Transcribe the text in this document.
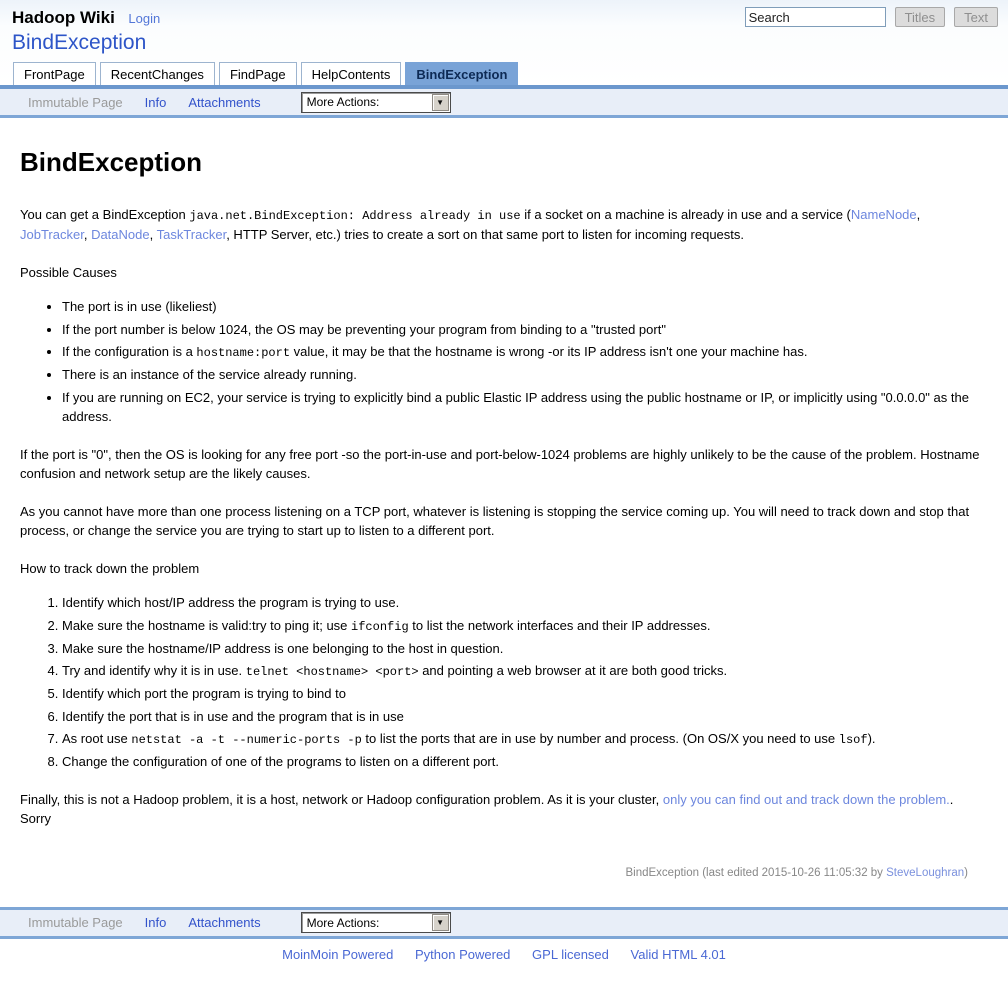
Hadoop Wiki Login
Search	Titles	Text
BindException
FrontPage	RecentChanges	FindPage	HelpContents	BindException
Immutable Page Info Attachments	More Actions:	▼
BindException

You can get a BindException java.net.BindException: Address already in use if a socket on a machine is already in use and a service (NameNode, JobTracker, DataNode, TaskTracker, HTTP Server, etc.) tries to create a sort on that same port to listen for incoming requests.

Possible Causes

• The port is in use (likeliest)
• If the port number is below 1024, the OS may be preventing your program from binding to a "trusted port"
• If the configuration is a hostname:port value, it may be that the hostname is wrong -or its IP address isn't one your machine has.
• There is an instance of the service already running.
• If you are running on EC2, your service is trying to explicitly bind a public Elastic IP address using the public hostname or IP, or implicitly using "0.0.0.0" as the address.

If the port is "0", then the OS is looking for any free port -so the port-in-use and port-below-1024 problems are highly unlikely to be the cause of the problem. Hostname confusion and network setup are the likely causes.

As you cannot have more than one process listening on a TCP port, whatever is listening is stopping the service coming up. You will need to track down and stop that process, or change the service you are trying to start up to listen to a different port.

How to track down the problem

1. Identify which host/IP address the program is trying to use.
2. Make sure the hostname is valid:try to ping it; use ifconfig to list the network interfaces and their IP addresses.
3. Make sure the hostname/IP address is one belonging to the host in question.
4. Try and identify why it is in use. telnet <hostname> <port> and pointing a web browser at it are both good tricks.
5. Identify which port the program is trying to bind to
6. Identify the port that is in use and the program that is in use
7. As root use netstat -a -t --numeric-ports -p to list the ports that are in use by number and process. (On OS/X you need to use lsof).
8. Change the configuration of one of the programs to listen on a different port.

Finally, this is not a Hadoop problem, it is a host, network or Hadoop configuration problem. As it is your cluster, only you can find out and track down the problem.. Sorry

BindException (last edited 2015-10-26 11:05:32 by SteveLoughran)
Immutable Page Info Attachments	More Actions:	▼
MoinMoin Powered Python Powered GPL licensed Valid HTML 4.01
